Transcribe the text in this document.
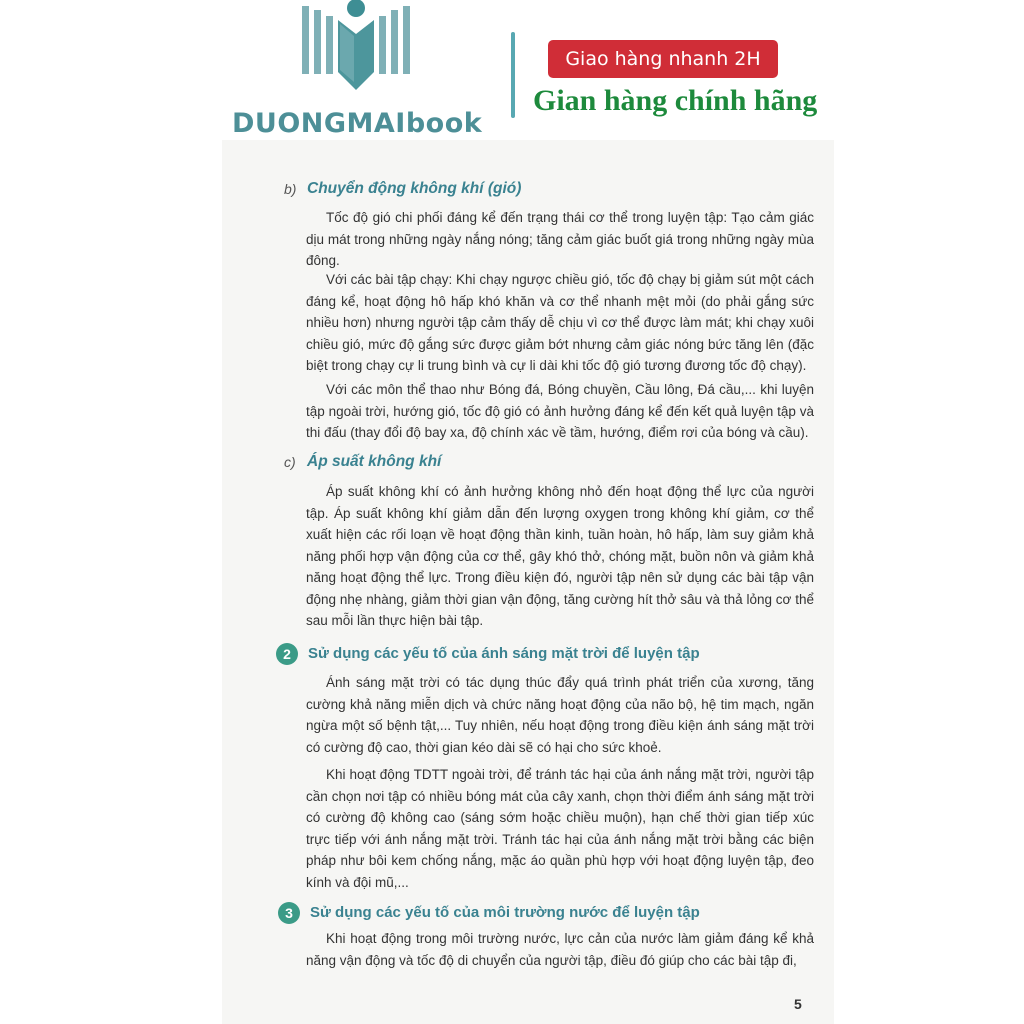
DUONGMAIbook
Giao hàng nhanh 2H
Gian hàng chính hãng
b) Chuyển động không khí (gió)

Tốc độ gió chi phối đáng kể đến trạng thái cơ thể trong luyện tập: Tạo cảm giác dịu mát trong những ngày nắng nóng; tăng cảm giác buốt giá trong những ngày mùa đông.

Với các bài tập chạy: Khi chạy ngược chiều gió, tốc độ chạy bị giảm sút một cách đáng kể, hoạt động hô hấp khó khăn và cơ thể nhanh mệt mỏi (do phải gắng sức nhiều hơn) nhưng người tập cảm thấy dễ chịu vì cơ thể được làm mát; khi chạy xuôi chiều gió, mức độ gắng sức được giảm bớt nhưng cảm giác nóng bức tăng lên (đặc biệt trong chạy cự li trung bình và cự li dài khi tốc độ gió tương đương tốc độ chạy).

Với các môn thể thao như Bóng đá, Bóng chuyền, Cầu lông, Đá cầu,... khi luyện tập ngoài trời, hướng gió, tốc độ gió có ảnh hưởng đáng kể đến kết quả luyện tập và thi đấu (thay đổi độ bay xa, độ chính xác về tầm, hướng, điểm rơi của bóng và cầu).

c) Áp suất không khí

Áp suất không khí có ảnh hưởng không nhỏ đến hoạt động thể lực của người tập. Áp suất không khí giảm dẫn đến lượng oxygen trong không khí giảm, cơ thể xuất hiện các rối loạn về hoạt động thần kinh, tuần hoàn, hô hấp, làm suy giảm khả năng phối hợp vận động của cơ thể, gây khó thở, chóng mặt, buồn nôn và giảm khả năng hoạt động thể lực. Trong điều kiện đó, người tập nên sử dụng các bài tập vận động nhẹ nhàng, giảm thời gian vận động, tăng cường hít thở sâu và thả lỏng cơ thể sau mỗi lần thực hiện bài tập.

2	Sử dụng các yếu tố của ánh sáng mặt trời để luyện tập

Ánh sáng mặt trời có tác dụng thúc đẩy quá trình phát triển của xương, tăng cường khả năng miễn dịch và chức năng hoạt động của não bộ, hệ tim mạch, ngăn ngừa một số bệnh tật,... Tuy nhiên, nếu hoạt động trong điều kiện ánh sáng mặt trời có cường độ cao, thời gian kéo dài sẽ có hại cho sức khoẻ.

Khi hoạt động TDTT ngoài trời, để tránh tác hại của ánh nắng mặt trời, người tập cần chọn nơi tập có nhiều bóng mát của cây xanh, chọn thời điểm ánh sáng mặt trời có cường độ không cao (sáng sớm hoặc chiều muộn), hạn chế thời gian tiếp xúc trực tiếp với ánh nắng mặt trời. Tránh tác hại của ánh nắng mặt trời bằng các biện pháp như bôi kem chống nắng, mặc áo quần phù hợp với hoạt động luyện tập, đeo kính và đội mũ,...

3	Sử dụng các yếu tố của môi trường nước để luyện tập

Khi hoạt động trong môi trường nước, lực cản của nước làm giảm đáng kể khả năng vận động và tốc độ di chuyển của người tập, điều đó giúp cho các bài tập đi,

5
